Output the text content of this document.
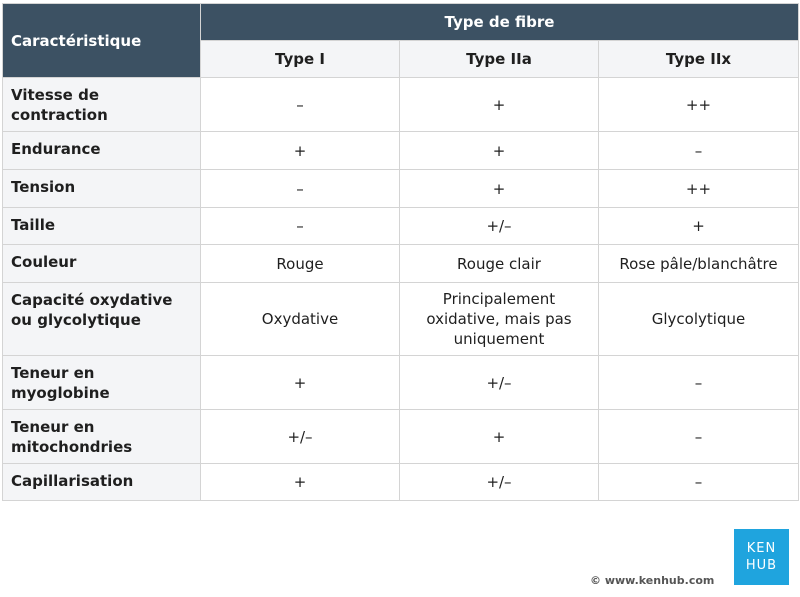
Caractéristique	Type de fibre		
	Type I	Type IIa	Type IIx
Vitesse de contraction	–	+	++
Endurance	+	+	–
Tension	–	+	++
Taille	–	+/–	+
Couleur	Rouge	Rouge clair	Rose pâle/blanchâtre
Capacité oxydative ou glycolytique	Oxydative	Principalement oxidative, mais pas uniquement	Glycolytique
Teneur en myoglobine	+	+/–	–
Teneur en mitochondries	+/–	+	–
Capillarisation	+	+/–	–
© www.kenhub.com
KEN
HUB
